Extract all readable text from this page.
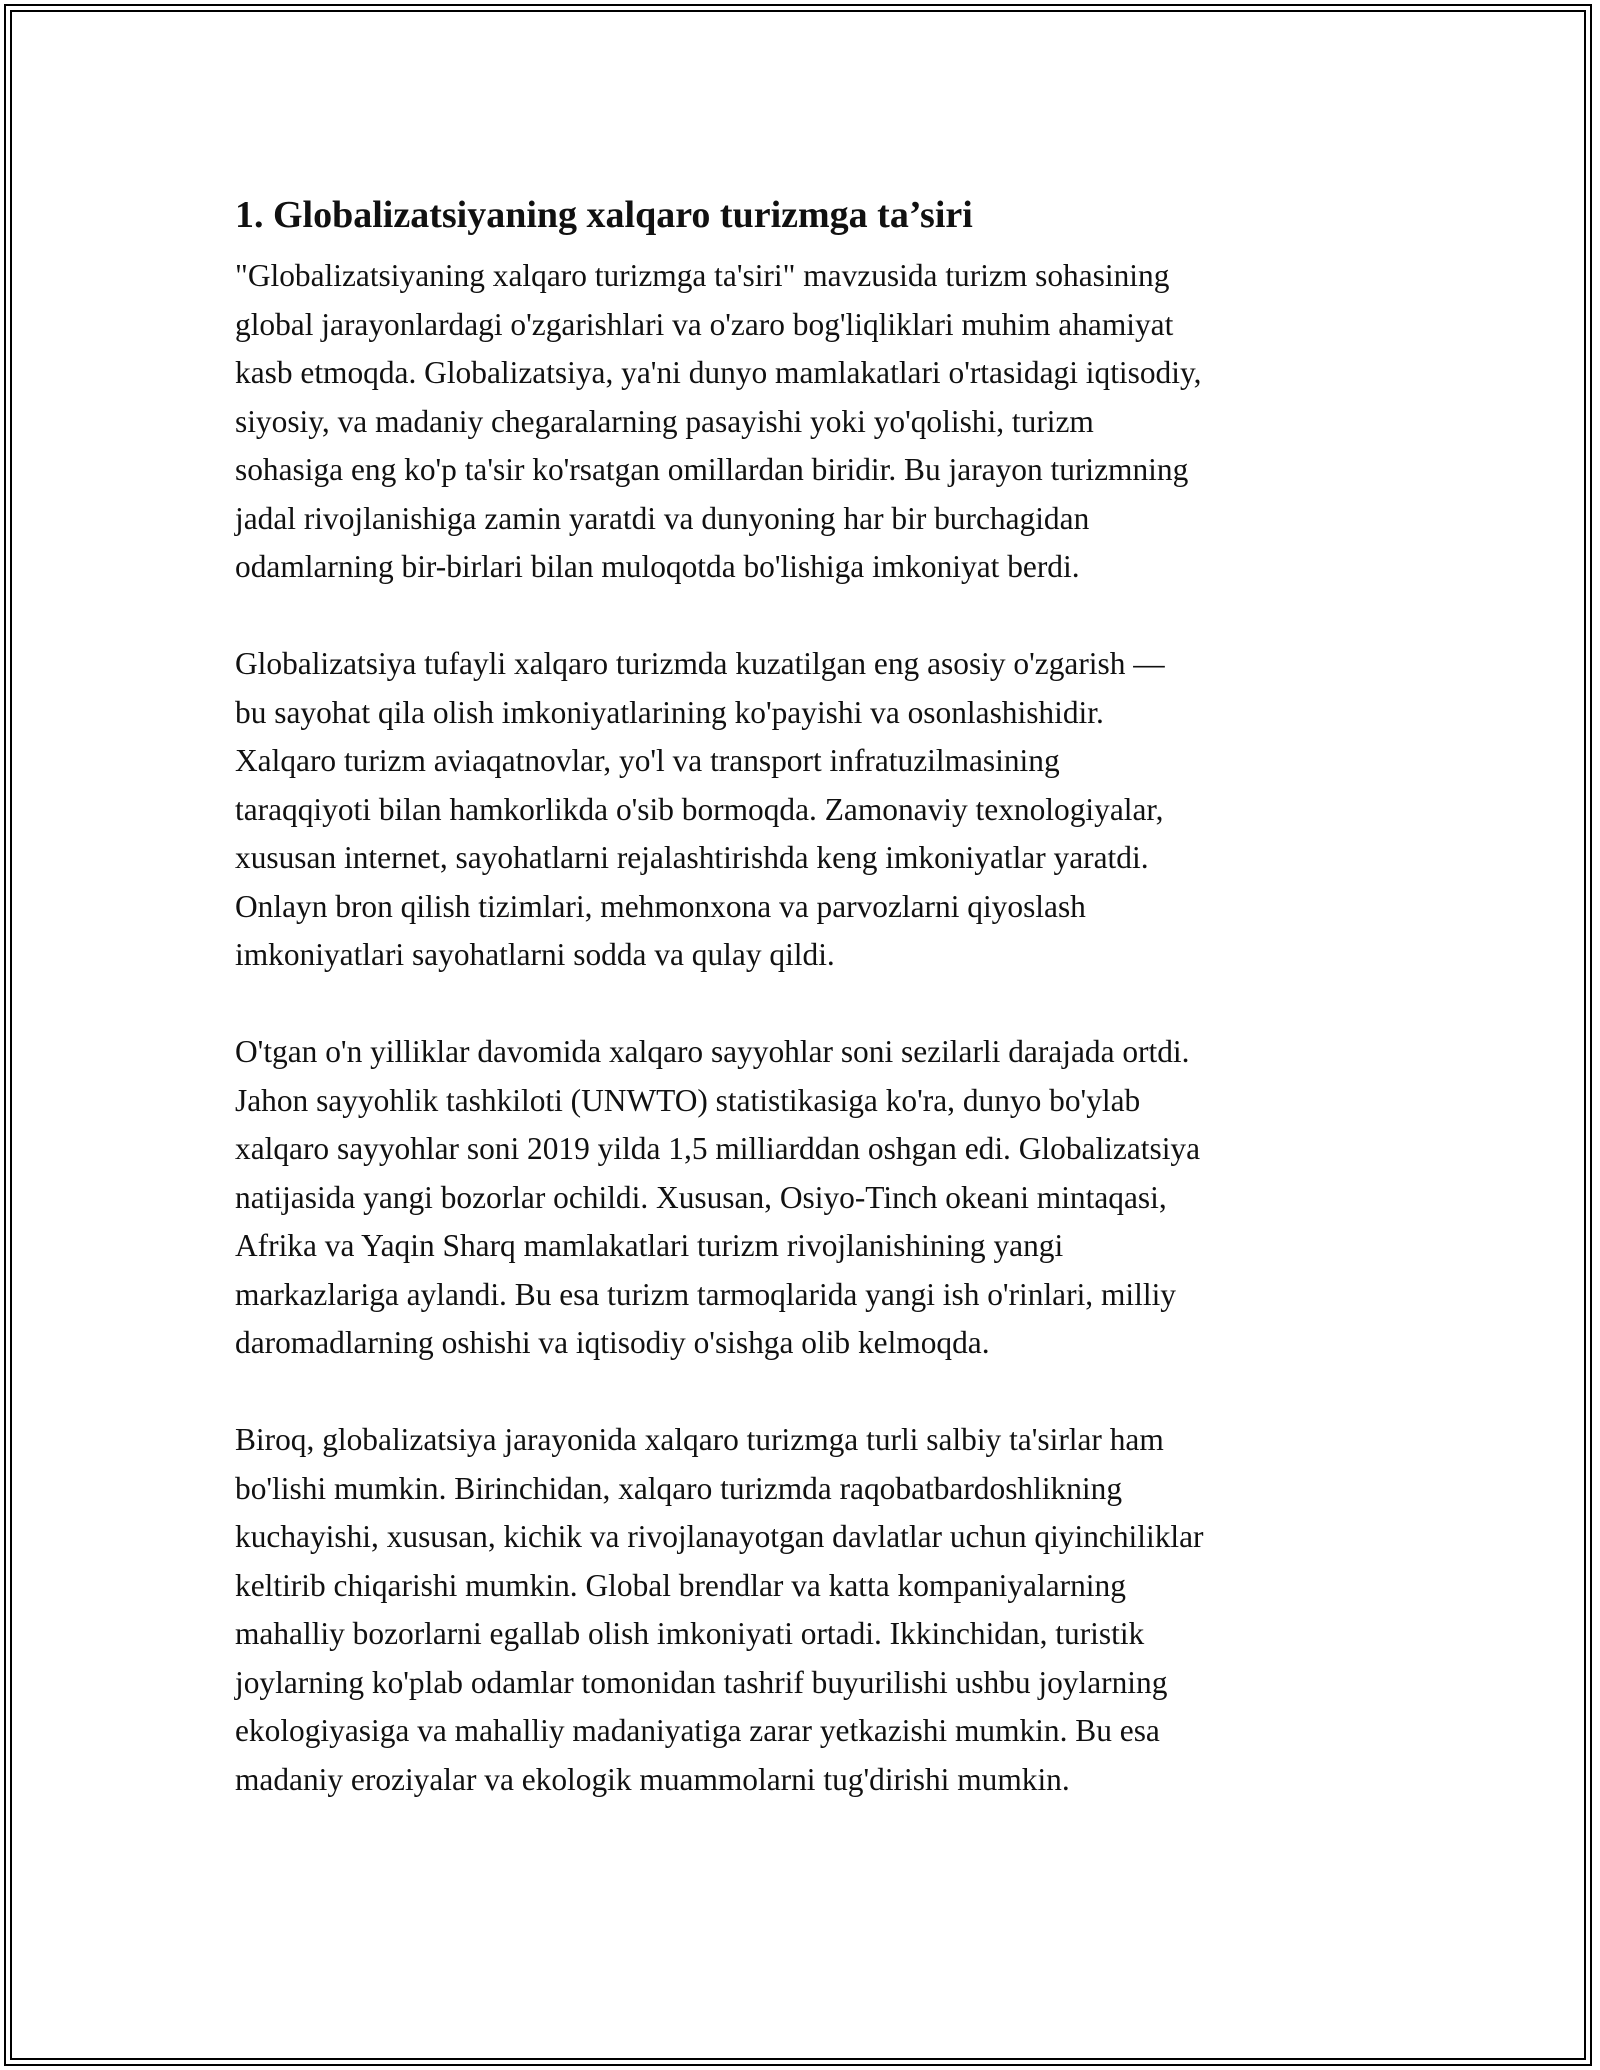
1. Globalizatsiyaning xalqaro turizmga ta’siri

"Globalizatsiyaning xalqaro turizmga ta'siri" mavzusida turizm sohasining
global jarayonlardagi o'zgarishlari va o'zaro bog'liqliklari muhim ahamiyat
kasb etmoqda. Globalizatsiya, ya'ni dunyo mamlakatlari o'rtasidagi iqtisodiy,
siyosiy, va madaniy chegaralarning pasayishi yoki yo'qolishi, turizm
sohasiga eng ko'p ta'sir ko'rsatgan omillardan biridir. Bu jarayon turizmning
jadal rivojlanishiga zamin yaratdi va dunyoning har bir burchagidan
odamlarning bir-birlari bilan muloqotda bo'lishiga imkoniyat berdi.

Globalizatsiya tufayli xalqaro turizmda kuzatilgan eng asosiy o'zgarish —
bu sayohat qila olish imkoniyatlarining ko'payishi va osonlashishidir.
Xalqaro turizm aviaqatnovlar, yo'l va transport infratuzilmasining
taraqqiyoti bilan hamkorlikda o'sib bormoqda. Zamonaviy texnologiyalar,
xususan internet, sayohatlarni rejalashtirishda keng imkoniyatlar yaratdi.
Onlayn bron qilish tizimlari, mehmonxona va parvozlarni qiyoslash
imkoniyatlari sayohatlarni sodda va qulay qildi.

O'tgan o'n yilliklar davomida xalqaro sayyohlar soni sezilarli darajada ortdi.
Jahon sayyohlik tashkiloti (UNWTO) statistikasiga ko'ra, dunyo bo'ylab
xalqaro sayyohlar soni 2019 yilda 1,5 milliarddan oshgan edi. Globalizatsiya
natijasida yangi bozorlar ochildi. Xususan, Osiyo-Tinch okeani mintaqasi,
Afrika va Yaqin Sharq mamlakatlari turizm rivojlanishining yangi
markazlariga aylandi. Bu esa turizm tarmoqlarida yangi ish o'rinlari, milliy
daromadlarning oshishi va iqtisodiy o'sishga olib kelmoqda.

Biroq, globalizatsiya jarayonida xalqaro turizmga turli salbiy ta'sirlar ham
bo'lishi mumkin. Birinchidan, xalqaro turizmda raqobatbardoshlikning
kuchayishi, xususan, kichik va rivojlanayotgan davlatlar uchun qiyinchiliklar
keltirib chiqarishi mumkin. Global brendlar va katta kompaniyalarning
mahalliy bozorlarni egallab olish imkoniyati ortadi. Ikkinchidan, turistik
joylarning ko'plab odamlar tomonidan tashrif buyurilishi ushbu joylarning
ekologiyasiga va mahalliy madaniyatiga zarar yetkazishi mumkin. Bu esa
madaniy eroziyalar va ekologik muammolarni tug'dirishi mumkin.
